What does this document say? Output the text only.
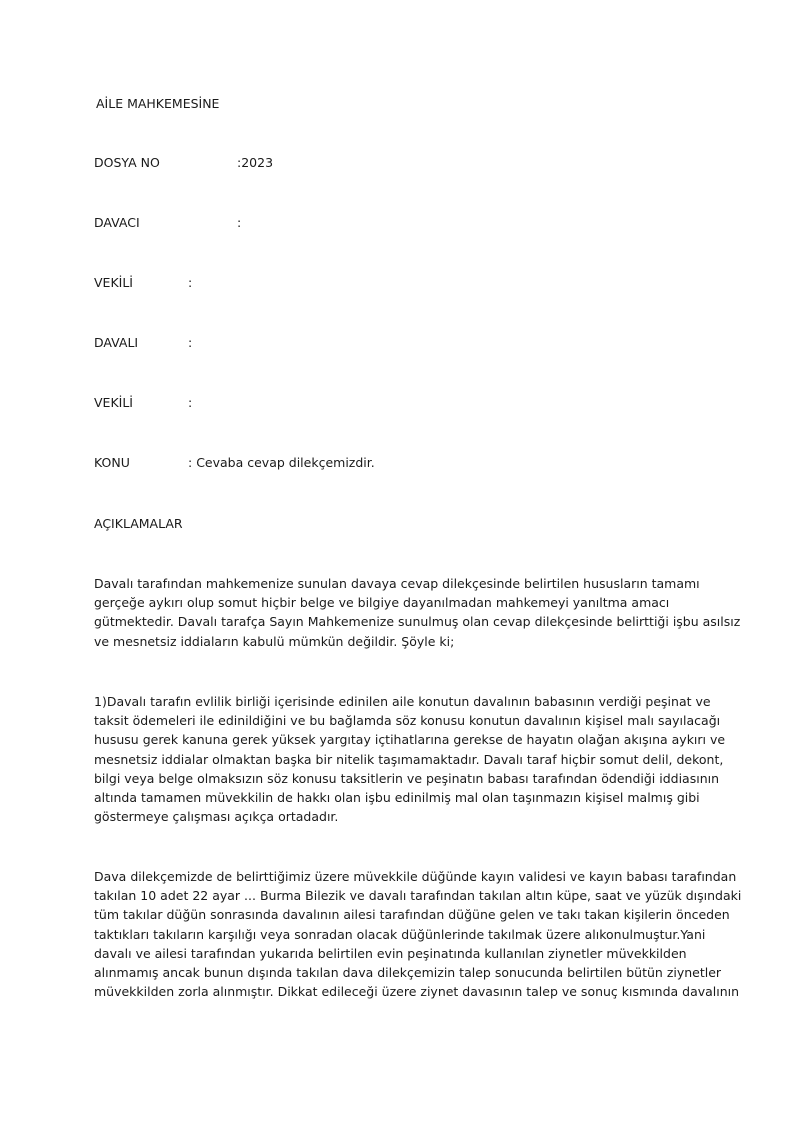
AİLE MAHKEMESİNE
DOSYA NO	:2023
DAVACI	:
VEKİLİ	:
DAVALI	:
VEKİLİ	:
KONU	: Cevaba cevap dilekçemizdir.
AÇIKLAMALAR
Davalı tarafından mahkemenize sunulan davaya cevap dilekçesinde belirtilen hususların tamamı
gerçeğe aykırı olup somut hiçbir belge ve bilgiye dayanılmadan mahkemeyi yanıltma amacı
gütmektedir. Davalı tarafça Sayın Mahkemenize sunulmuş olan cevap dilekçesinde belirttiği işbu asılsız
ve mesnetsiz iddiaların kabulü mümkün değildir. Şöyle ki;
1)Davalı tarafın evlilik birliği içerisinde edinilen aile konutun davalının babasının verdiği peşinat ve
taksit ödemeleri ile edinildiğini ve bu bağlamda söz konusu konutun davalının kişisel malı sayılacağı
hususu gerek kanuna gerek yüksek yargıtay içtihatlarına gerekse de hayatın olağan akışına aykırı ve
mesnetsiz iddialar olmaktan başka bir nitelik taşımamaktadır. Davalı taraf hiçbir somut delil, dekont,
bilgi veya belge olmaksızın söz konusu taksitlerin ve peşinatın babası tarafından ödendiği iddiasının
altında tamamen müvekkilin de hakkı olan işbu edinilmiş mal olan taşınmazın kişisel malmış gibi
göstermeye çalışması açıkça ortadadır.
Dava dilekçemizde de belirttiğimiz üzere müvekkile düğünde kayın validesi ve kayın babası tarafından
takılan 10 adet 22 ayar ... Burma Bilezik ve davalı tarafından takılan altın küpe, saat ve yüzük dışındaki
tüm takılar düğün sonrasında davalının ailesi tarafından düğüne gelen ve takı takan kişilerin önceden
taktıkları takıların karşılığı veya sonradan olacak düğünlerinde takılmak üzere alıkonulmuştur.Yani
davalı ve ailesi tarafından yukarıda belirtilen evin peşinatında kullanılan ziynetler müvekkilden
alınmamış ancak bunun dışında takılan dava dilekçemizin talep sonucunda belirtilen bütün ziynetler
müvekkilden zorla alınmıştır. Dikkat edileceği üzere ziynet davasının talep ve sonuç kısmında davalının
